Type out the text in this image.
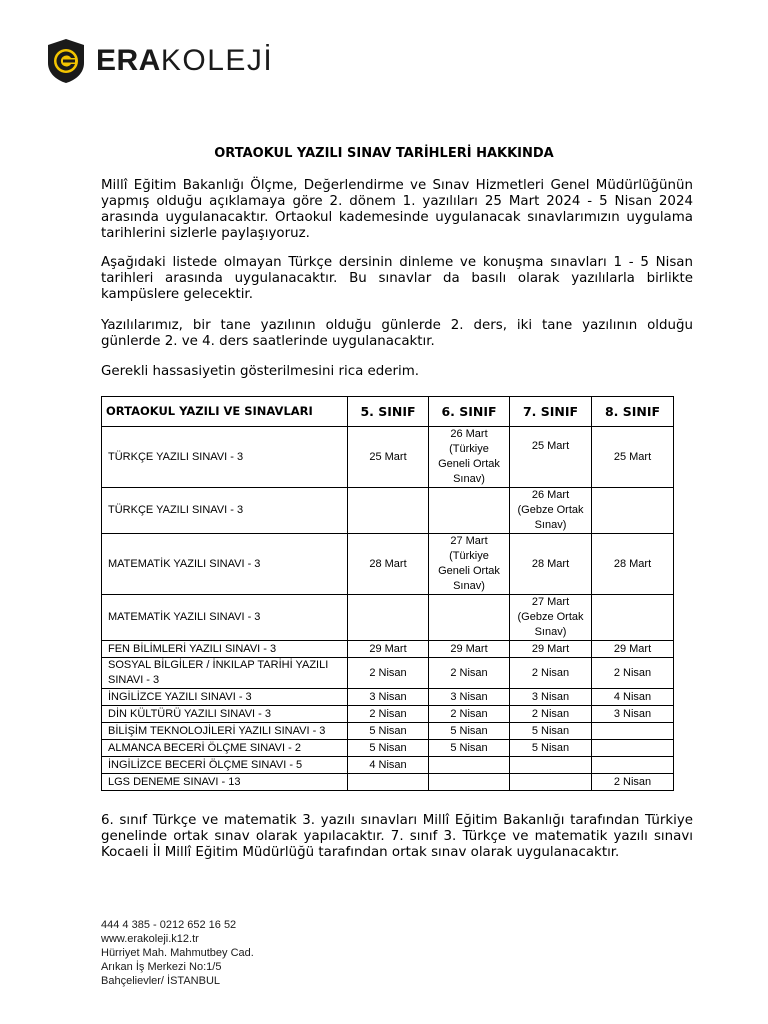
ERAKOLEJİ
ORTAOKUL YAZILI SINAV TARİHLERİ HAKKINDA
Millî Eğitim Bakanlığı Ölçme, Değerlendirme ve Sınav Hizmetleri Genel Müdürlüğünün yapmış olduğu açıklamaya göre 2. dönem 1. yazılıları 25 Mart 2024 - 5 Nisan 2024 arasında uygulanacaktır. Ortaokul kademesinde uygulanacak sınavlarımızın uygulama tarihlerini sizlerle paylaşıyoruz.
Aşağıdaki listede olmayan Türkçe dersinin dinleme ve konuşma sınavları 1 - 5 Nisan tarihleri arasında uygulanacaktır. Bu sınavlar da basılı olarak yazılılarla birlikte kampüslere gelecektir.
Yazılılarımız, bir tane yazılının olduğu günlerde 2. ders, iki tane yazılının olduğu günlerde 2. ve 4. ders saatlerinde uygulanacaktır.
Gerekli hassasiyetin gösterilmesini rica ederim.
ORTAOKUL YAZILI VE SINAVLARI	5. SINIF	6. SINIF	7. SINIF	8. SINIF
TÜRKÇE YAZILI SINAVI - 3	25 Mart	26 Mart (Türkiye Geneli Ortak Sınav)	25 Mart	25 Mart
TÜRKÇE YAZILI SINAVI - 3			26 Mart (Gebze Ortak Sınav)	
MATEMATİK YAZILI SINAVI - 3	28 Mart	27 Mart (Türkiye Geneli Ortak Sınav)	28 Mart	28 Mart
MATEMATİK YAZILI SINAVI - 3			27 Mart (Gebze Ortak Sınav)	
FEN BİLİMLERİ YAZILI SINAVI - 3	29 Mart	29 Mart	29 Mart	29 Mart
SOSYAL BİLGİLER / İNKILAP TARİHİ YAZILI SINAVI - 3	2 Nisan	2 Nisan	2 Nisan	2 Nisan
İNGİLİZCE YAZILI SINAVI - 3	3 Nisan	3 Nisan	3 Nisan	4 Nisan
DİN KÜLTÜRÜ YAZILI SINAVI - 3	2 Nisan	2 Nisan	2 Nisan	3 Nisan
BİLİŞİM TEKNOLOJİLERİ YAZILI SINAVI - 3	5 Nisan	5 Nisan	5 Nisan	
ALMANCA BECERİ ÖLÇME SINAVI - 2	5 Nisan	5 Nisan	5 Nisan	
İNGİLİZCE BECERİ ÖLÇME SINAVI - 5	4 Nisan			
LGS DENEME SINAVI - 13				2 Nisan
6. sınıf Türkçe ve matematik 3. yazılı sınavları Millî Eğitim Bakanlığı tarafından Türkiye genelinde ortak sınav olarak yapılacaktır. 7. sınıf 3. Türkçe ve matematik yazılı sınavı Kocaeli İl Millî Eğitim Müdürlüğü tarafından ortak sınav olarak uygulanacaktır.
444 4 385 - 0212 652 16 52
www.erakoleji.k12.tr
Hürriyet Mah. Mahmutbey Cad.
Arıkan İş Merkezi No:1/5
Bahçelievler/ İSTANBUL
